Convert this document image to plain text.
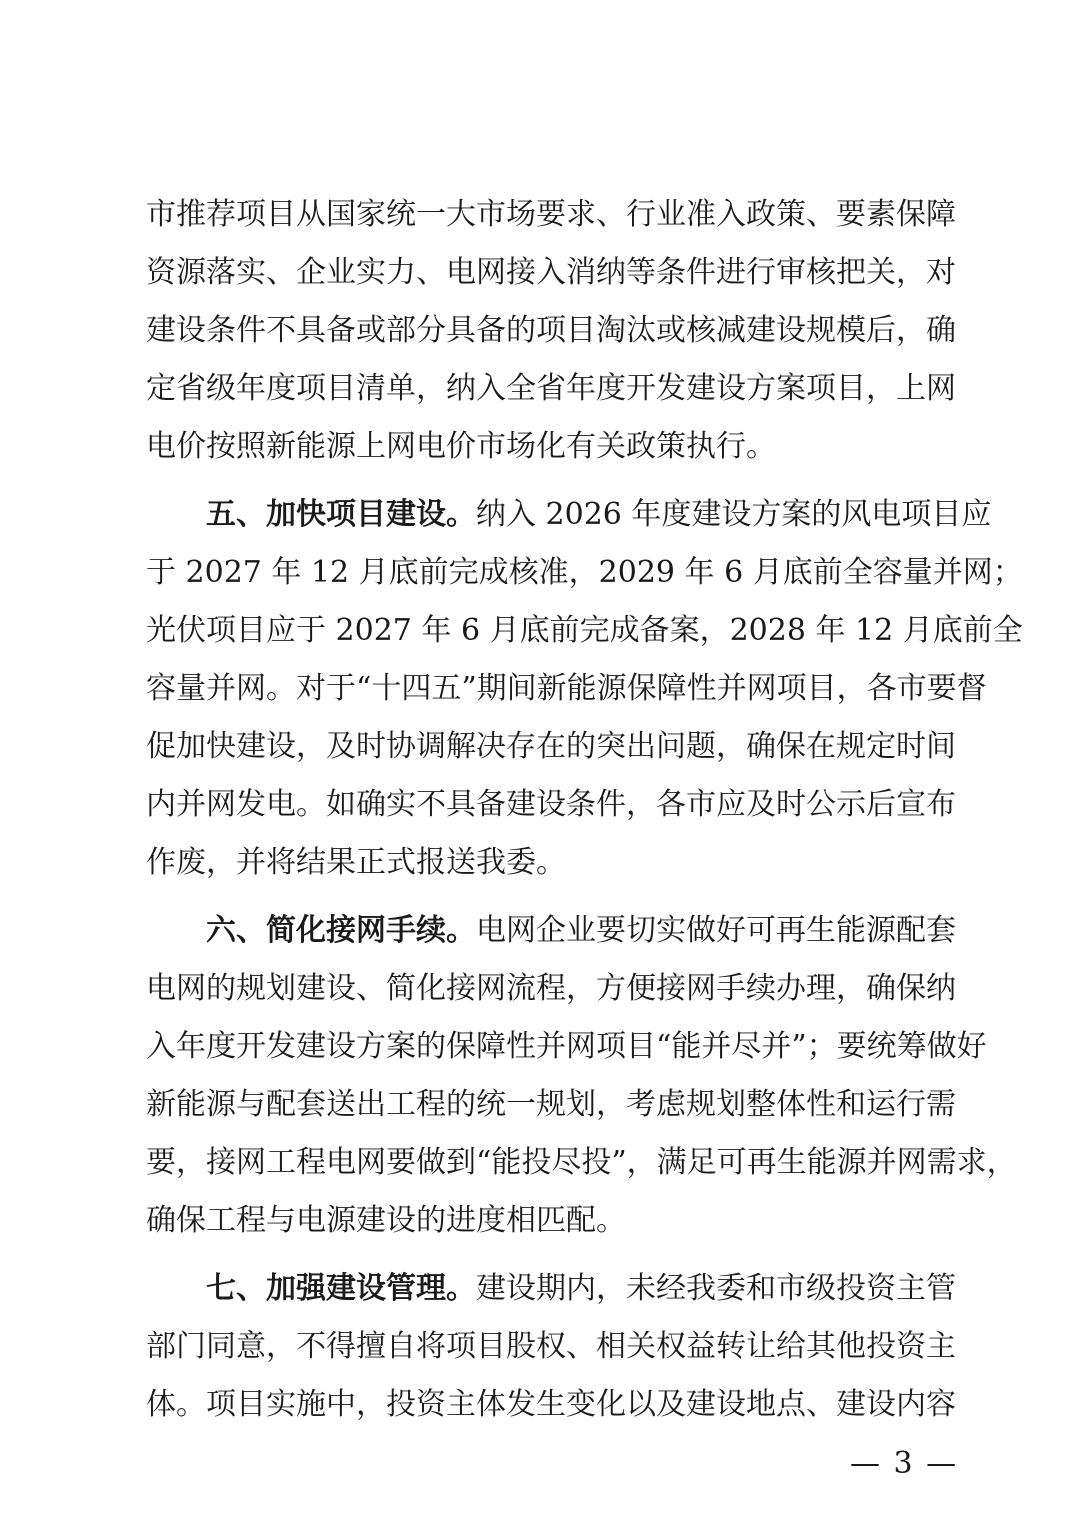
市推荐项目从国家统一大市场要求、行业准入政策、要素保障
资源落实、企业实力、电网接入消纳等条件进行审核把关，对
建设条件不具备或部分具备的项目淘汰或核减建设规模后，确
定省级年度项目清单，纳入全省年度开发建设方案项目，上网
电价按照新能源上网电价市场化有关政策执行。
五、加快项目建设。纳入 2026 年度建设方案的风电项目应
于 2027 年 12 月底前完成核准，2029 年 6 月底前全容量并网；
光伏项目应于 2027 年 6 月底前完成备案，2028 年 12 月底前全
容量并网。对于“十四五”期间新能源保障性并网项目，各市要督
促加快建设，及时协调解决存在的突出问题，确保在规定时间
内并网发电。如确实不具备建设条件，各市应及时公示后宣布
作废，并将结果正式报送我委。
六、简化接网手续。电网企业要切实做好可再生能源配套
电网的规划建设、简化接网流程，方便接网手续办理，确保纳
入年度开发建设方案的保障性并网项目“能并尽并”；要统筹做好
新能源与配套送出工程的统一规划，考虑规划整体性和运行需
要，接网工程电网要做到“能投尽投”，满足可再生能源并网需求，
确保工程与电源建设的进度相匹配。
七、加强建设管理。建设期内，未经我委和市级投资主管
部门同意，不得擅自将项目股权、相关权益转让给其他投资主
体。项目实施中，投资主体发生变化以及建设地点、建设内容
— 3 —
